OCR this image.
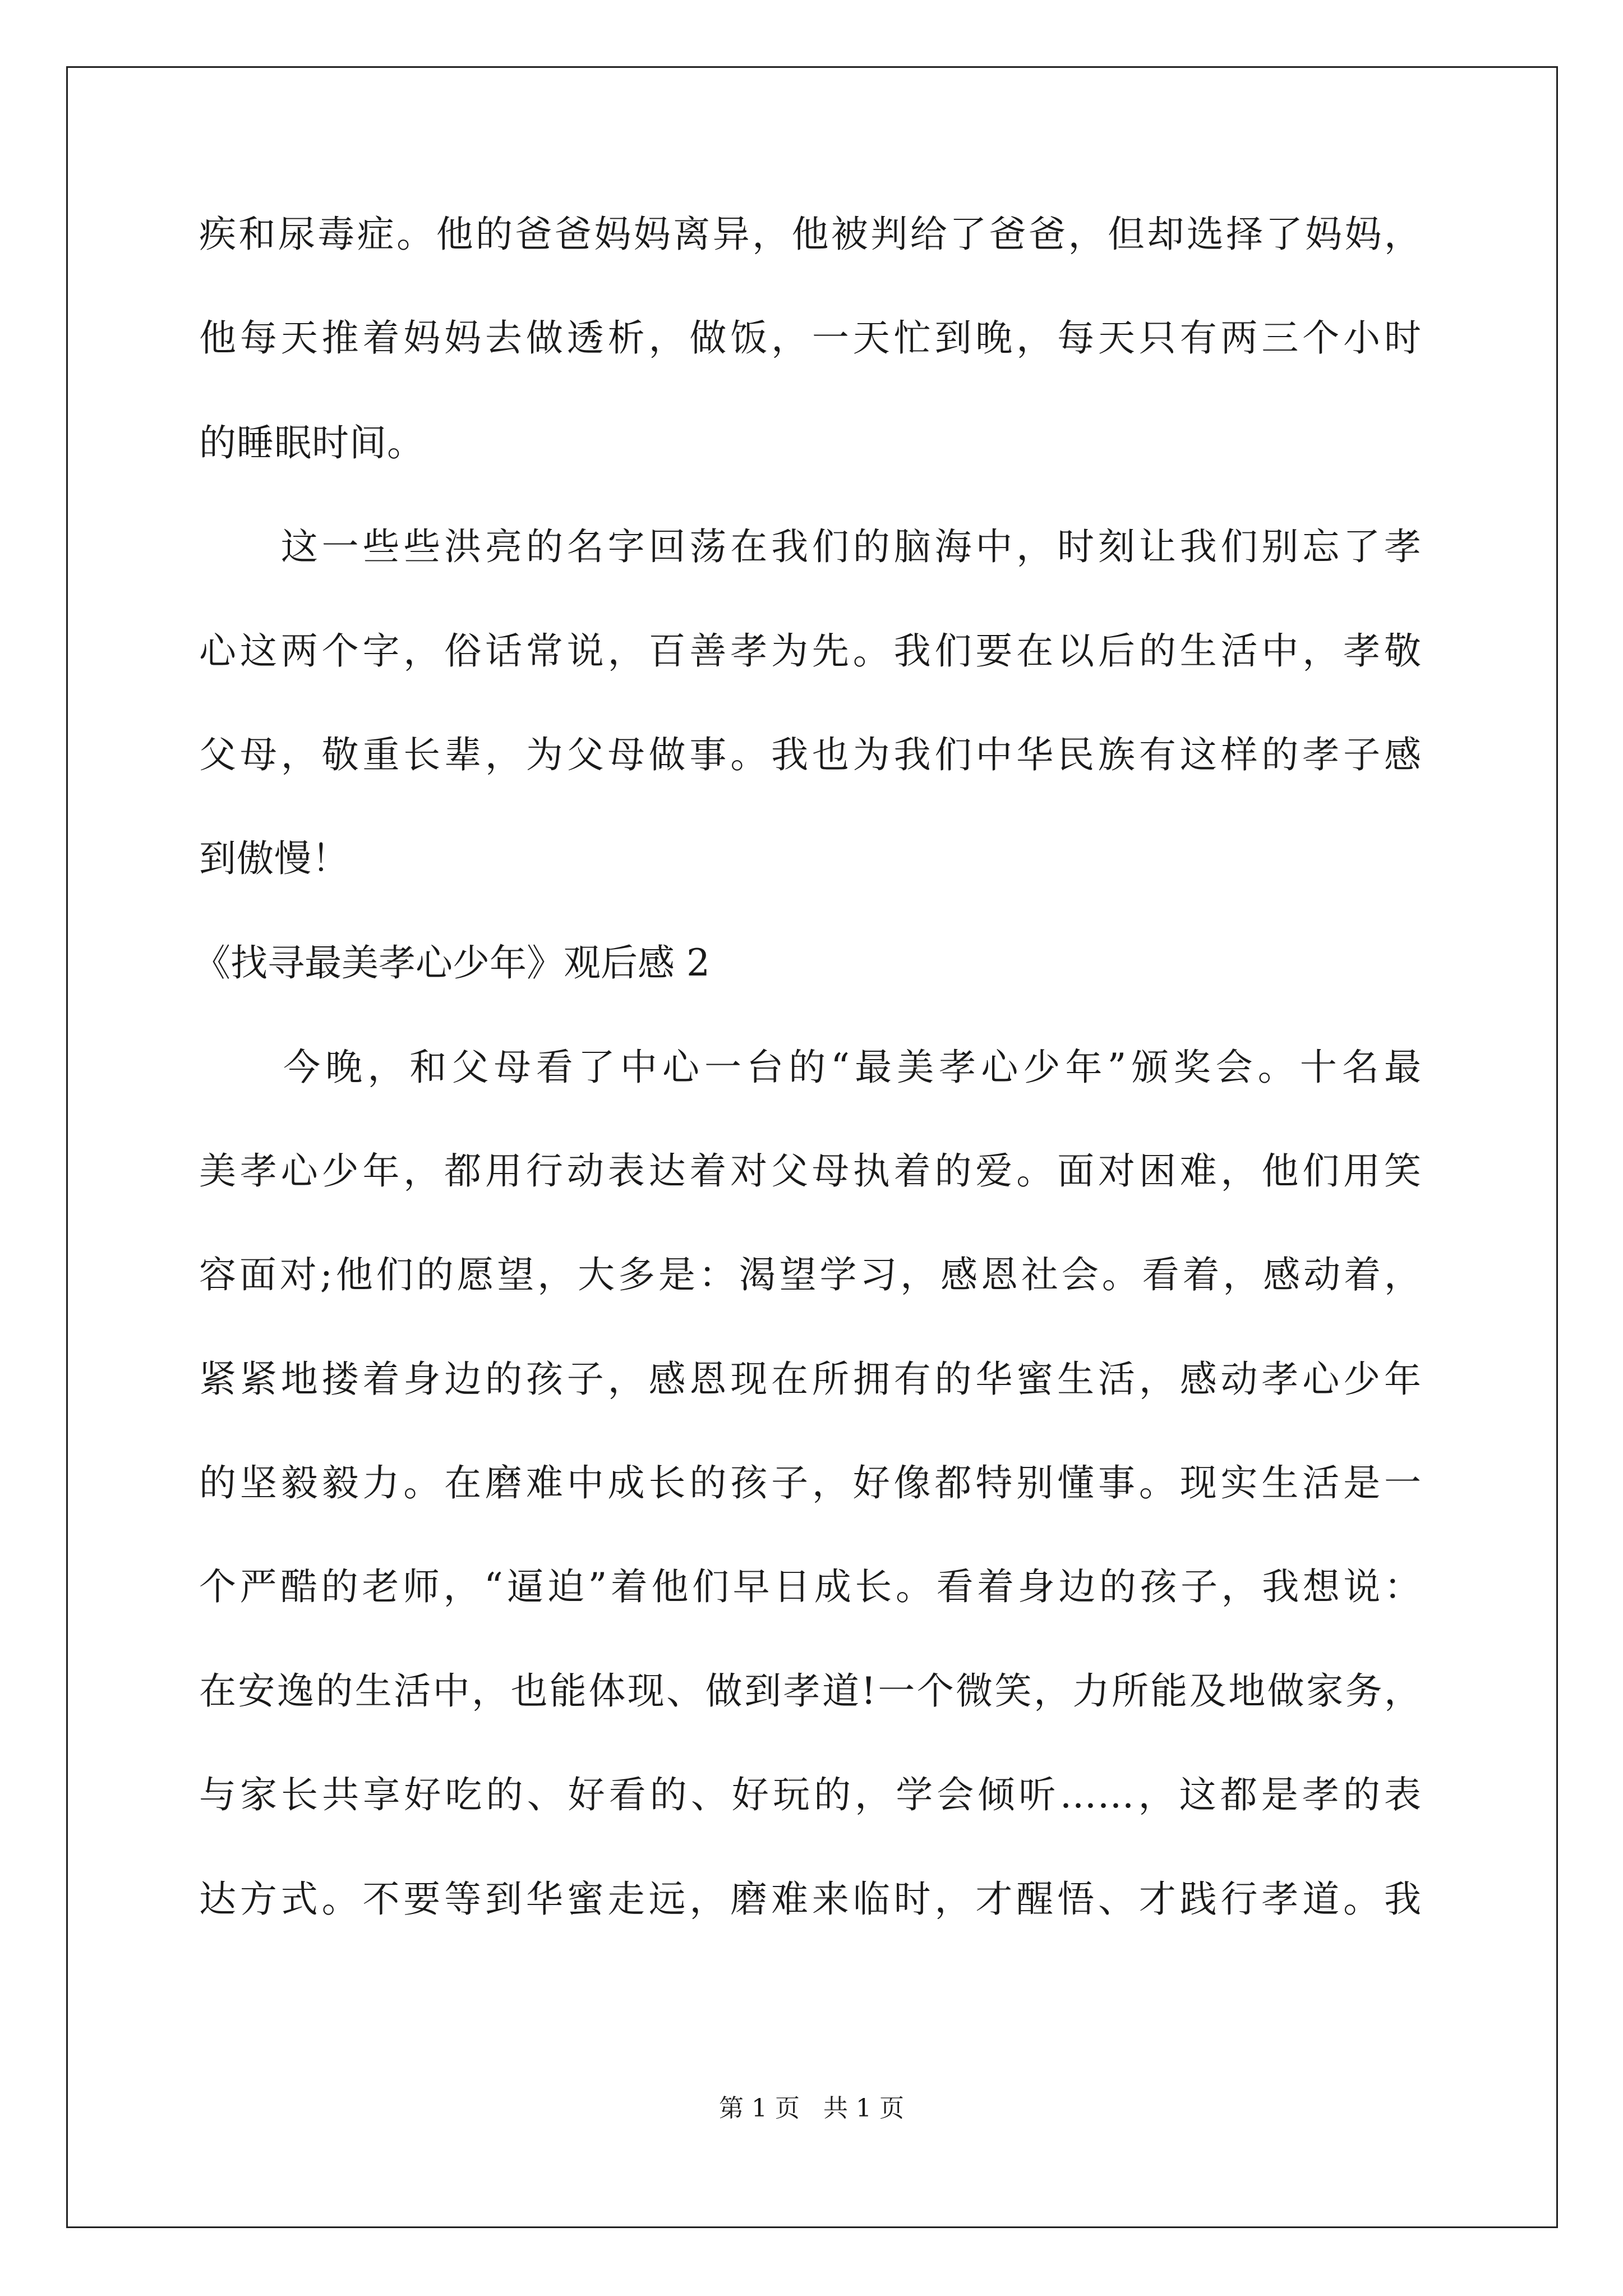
疾和尿毒症。他的爸爸妈妈离异，他被判给了爸爸，但却选择了妈妈，
他每天推着妈妈去做透析，做饭，一天忙到晚，每天只有两三个小时
的睡眠时间。
　　这一些些洪亮的名字回荡在我们的脑海中，时刻让我们别忘了孝
心这两个字，俗话常说，百善孝为先。我们要在以后的生活中，孝敬
父母，敬重长辈，为父母做事。我也为我们中华民族有这样的孝子感
到傲慢！
《找寻最美孝心少年》观后感 2
　　今晚，和父母看了中心一台的“最美孝心少年”颁奖会。十名最
美孝心少年，都用行动表达着对父母执着的爱。面对困难，他们用笑
容面对;他们的愿望，大多是：渴望学习，感恩社会。看着，感动着，
紧紧地搂着身边的孩子，感恩现在所拥有的华蜜生活，感动孝心少年
的坚毅毅力。在磨难中成长的孩子，好像都特别懂事。现实生活是一
个严酷的老师，“逼迫”着他们早日成长。看着身边的孩子，我想说：
在安逸的生活中，也能体现、做到孝道!一个微笑，力所能及地做家务，
与家长共享好吃的、好看的、好玩的，学会倾听……，这都是孝的表
达方式。不要等到华蜜走远，磨难来临时，才醒悟、才践行孝道。我
第 1 页   共 1 页
